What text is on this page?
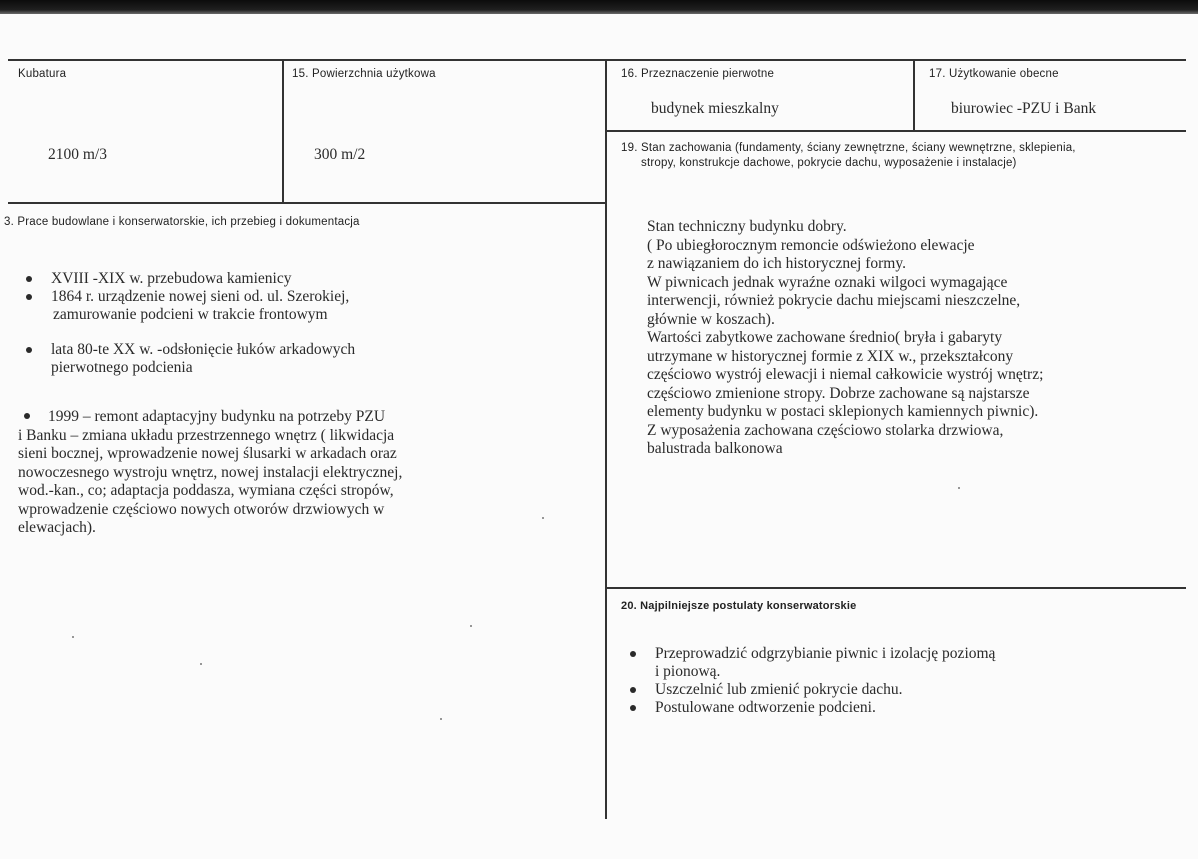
Kubatura
2100 m/3
15. Powierzchnia użytkowa
300 m/2
16. Przeznaczenie pierwotne
budynek mieszkalny
17. Użytkowanie obecne
biurowiec -PZU i Bank
19. Stan zachowania (fundamenty, ściany zewnętrzne, ściany wewnętrzne, sklepienia,
stropy, konstrukcje dachowe, pokrycie dachu, wyposażenie i instalacje)

Stan techniczny budynku dobry.

( Po ubiegłorocznym remoncie odświeżono elewacje

z nawiązaniem do ich historycznej formy.

W piwnicach jednak wyraźne oznaki wilgoci wymagające

interwencji, również pokrycie dachu miejscami nieszczelne,

głównie w koszach).

Wartości zabytkowe zachowane średnio( bryła i gabaryty

utrzymane w historycznej formie z XIX w., przekształcony

częściowo wystrój elewacji i niemal całkowicie wystrój wnętrz;

częściowo zmienione stropy. Dobrze zachowane są najstarsze

elementy budynku w postaci sklepionych kamiennych piwnic).

Z wyposażenia zachowana częściowo stolarka drzwiowa,

balustrada balkonowa

3. Prace budowlane i konserwatorskie, ich przebieg i dokumentacja
XVIII -XIX w. przebudowa kamienicy
1864 r. urządzenie nowej sieni od. ul. Szerokiej,
zamurowanie podcieni w trakcie frontowym
lata 80-te XX w. -odsłonięcie łuków arkadowych
pierwotnego podcienia

1999 – remont adaptacyjny budynku na potrzeby PZU

i Banku – zmiana układu przestrzennego wnętrz ( likwidacja

sieni bocznej, wprowadzenie nowej ślusarki w arkadach oraz

nowoczesnego wystroju wnętrz, nowej instalacji elektrycznej,

wod.-kan., co; adaptacja poddasza, wymiana części stropów,

wprowadzenie częściowo nowych otworów drzwiowych w

elewacjach).

20. Najpilniejsze postulaty konserwatorskie
Przeprowadzić odgrzybianie piwnic i izolację poziomą
i pionową.
Uszczelnić lub zmienić pokrycie dachu.
Postulowane odtworzenie podcieni.
